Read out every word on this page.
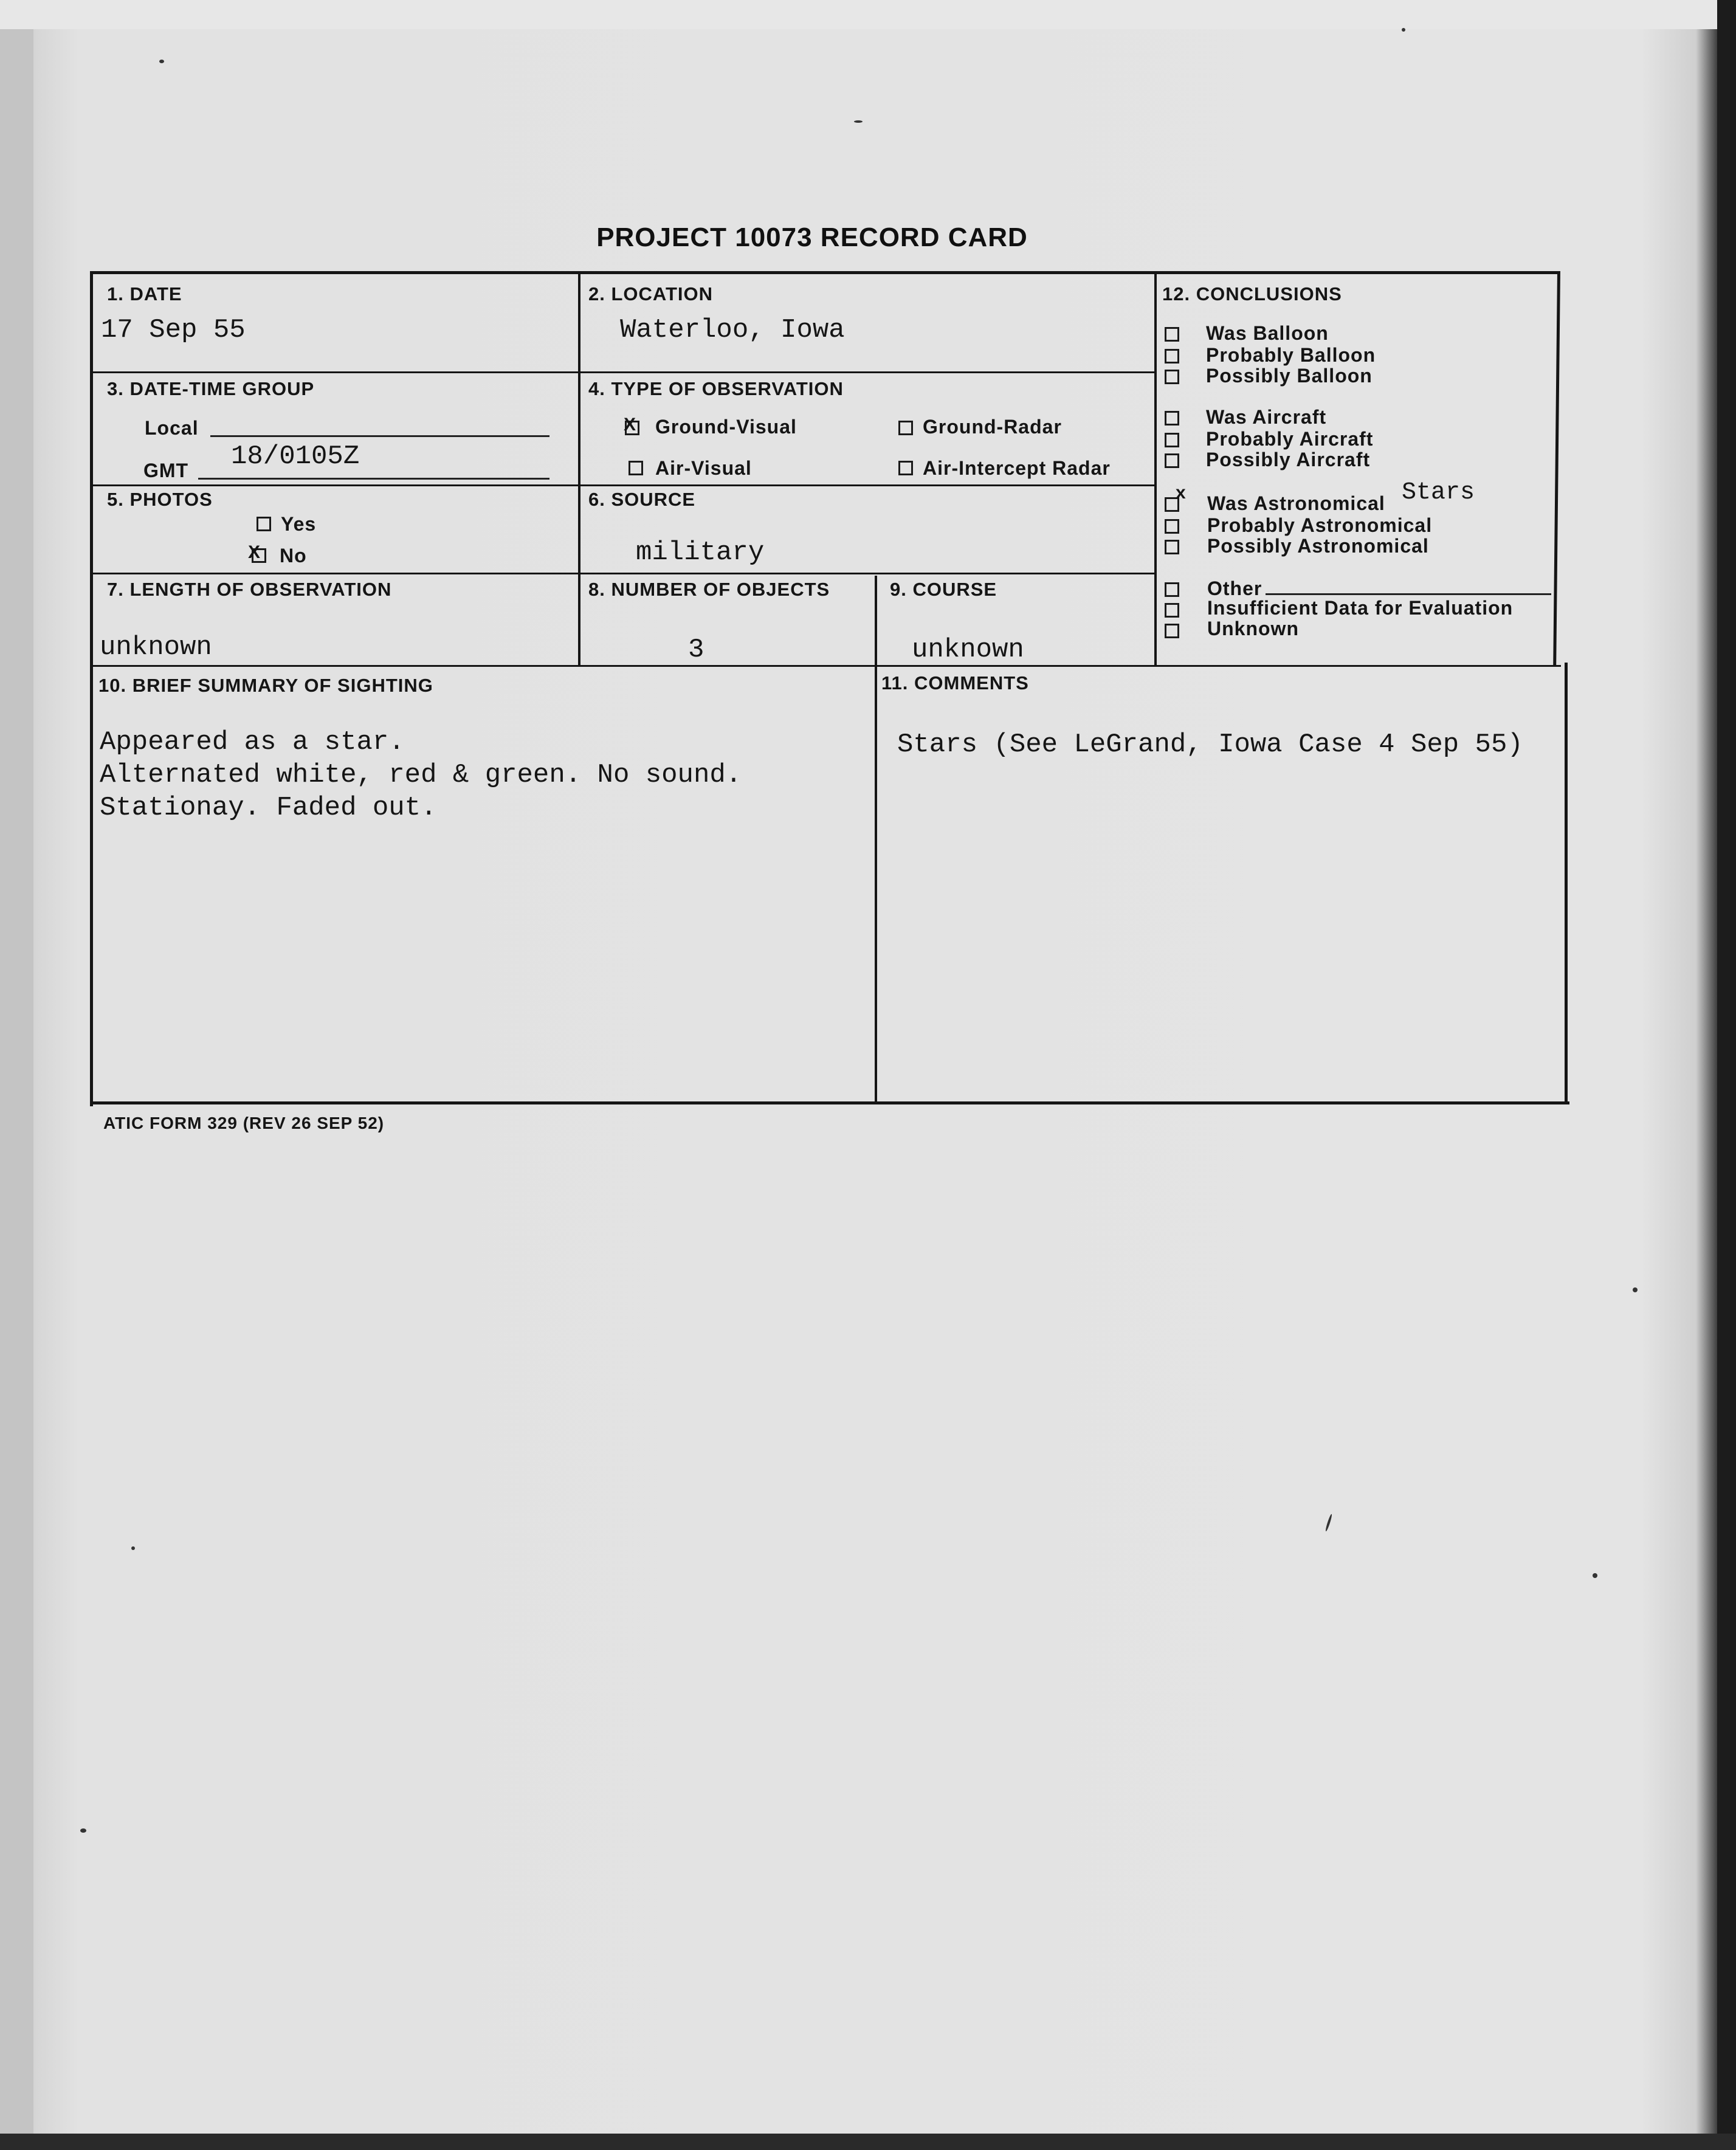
PROJECT 10073 RECORD CARD
1. DATE
17 Sep 55
2. LOCATION
Waterloo, Iowa
3. DATE-TIME GROUP
Local
GMT 18/0105Z
4. TYPE OF OBSERVATION
X Ground-Visual	Ground-Radar
Air-Visual	Air-Intercept Radar
5. PHOTOS
Yes
X No
6. SOURCE
military
7. LENGTH OF OBSERVATION
unknown
8. NUMBER OF OBJECTS
3
9. COURSE
unknown
10. BRIEF SUMMARY OF SIGHTING
Appeared as a star.
Alternated white, red & green. No sound.
Stationay. Faded out.
11. COMMENTS
Stars (See LeGrand, Iowa Case 4 Sep 55)
12. CONCLUSIONS
Was Balloon
Probably Balloon
Possibly Balloon
Was Aircraft
Probably Aircraft
Possibly Aircraft
x Was Astronomical Stars
Probably Astronomical
Possibly Astronomical
Other
Insufficient Data for Evaluation
Unknown
ATIC FORM 329 (REV 26 SEP 52)
